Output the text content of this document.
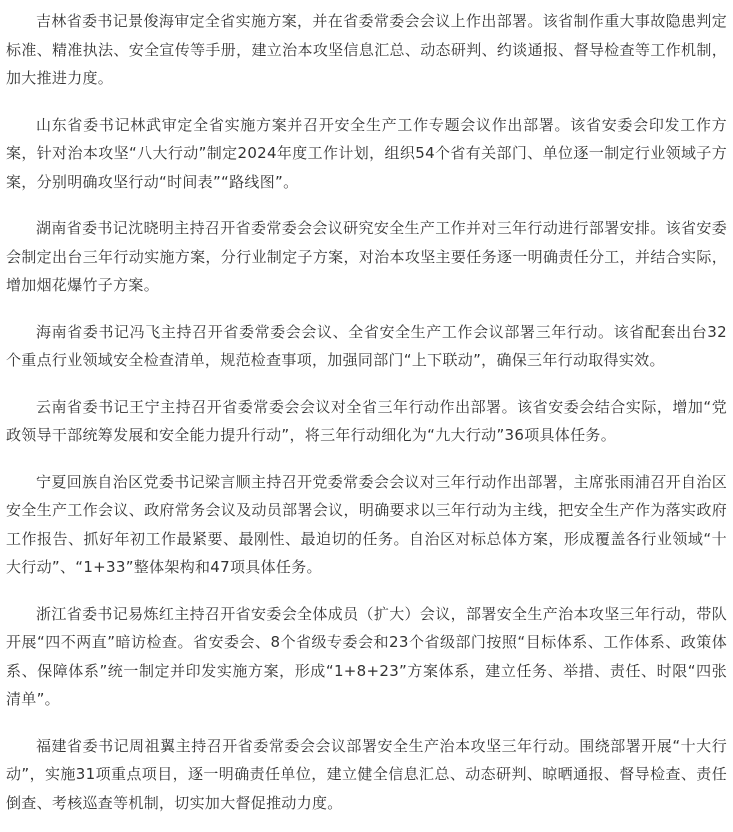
吉林省委书记景俊海审定全省实施方案，并在省委常委会会议上作出部署。该省制作重大事故隐患判定标准、精准执法、安全宣传等手册，建立治本攻坚信息汇总、动态研判、约谈通报、督导检查等工作机制，加大推进力度。

山东省委书记林武审定全省实施方案并召开安全生产工作专题会议作出部署。该省安委会印发工作方案，针对治本攻坚“八大行动”制定2024年度工作计划，组织54个省有关部门、单位逐一制定行业领域子方案，分别明确攻坚行动“时间表”“路线图”。

湖南省委书记沈晓明主持召开省委常委会会议研究安全生产工作并对三年行动进行部署安排。该省安委会制定出台三年行动实施方案，分行业制定子方案，对治本攻坚主要任务逐一明确责任分工，并结合实际，增加烟花爆竹子方案。

海南省委书记冯飞主持召开省委常委会会议、全省安全生产工作会议部署三年行动。该省配套出台32个重点行业领域安全检查清单，规范检查事项，加强同部门“上下联动”，确保三年行动取得实效。

云南省委书记王宁主持召开省委常委会会议对全省三年行动作出部署。该省安委会结合实际，增加“党政领导干部统筹发展和安全能力提升行动”，将三年行动细化为“九大行动”36项具体任务。

宁夏回族自治区党委书记梁言顺主持召开党委常委会会议对三年行动作出部署，主席张雨浦召开自治区安全生产工作会议、政府常务会议及动员部署会议，明确要求以三年行动为主线，把安全生产作为落实政府工作报告、抓好年初工作最紧要、最刚性、最迫切的任务。自治区对标总体方案，形成覆盖各行业领域“十大行动”、“1+33”整体架构和47项具体任务。

浙江省委书记易炼红主持召开省安委会全体成员（扩大）会议，部署安全生产治本攻坚三年行动，带队开展“四不两直”暗访检查。省安委会、8个省级专委会和23个省级部门按照“目标体系、工作体系、政策体系、保障体系”统一制定并印发实施方案，形成“1+8+23”方案体系，建立任务、举措、责任、时限“四张清单”。

福建省委书记周祖翼主持召开省委常委会会议部署安全生产治本攻坚三年行动。围绕部署开展“十大行动”，实施31项重点项目，逐一明确责任单位，建立健全信息汇总、动态研判、晾晒通报、督导检查、责任倒查、考核巡查等机制，切实加大督促推动力度。
